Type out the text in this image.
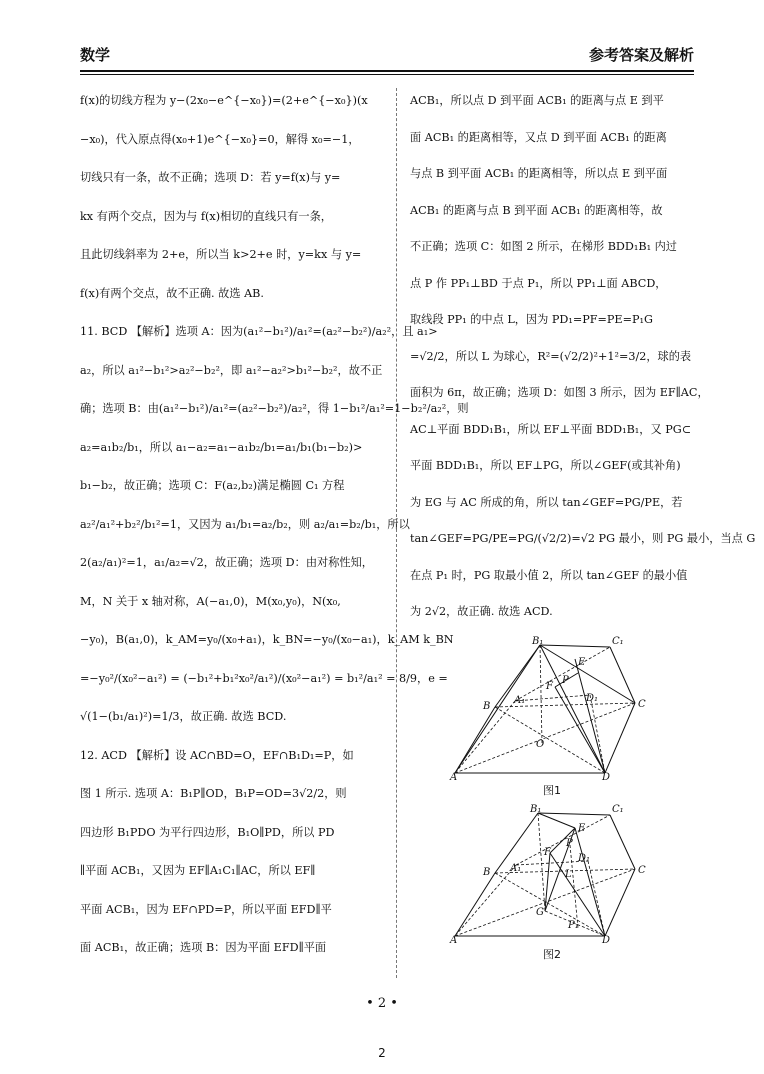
数学	参考答案及解析
f(x)的切线方程为 y−(2x₀−e^{−x₀})=(2+e^{−x₀})(x
−x₀)，代入原点得(x₀+1)e^{−x₀}=0，解得 x₀=−1，
切线只有一条，故不正确；选项 D：若 y=f(x)与 y=
kx 有两个交点，因为与 f(x)相切的直线只有一条，
且此切线斜率为 2+e，所以当 k>2+e 时，y=kx 与 y=
f(x)有两个交点，故不正确. 故选 AB.
11. BCD 【解析】选项 A：因为(a₁²−b₁²)/a₁²=(a₂²−b₂²)/a₂²，且 a₁>
a₂，所以 a₁²−b₁²>a₂²−b₂²，即 a₁²−a₂²>b₁²−b₂²，故不正
确；选项 B：由(a₁²−b₁²)/a₁²=(a₂²−b₂²)/a₂²，得 1−b₁²/a₁²=1−b₂²/a₂²，则
a₂=a₁b₂/b₁，所以 a₁−a₂=a₁−a₁b₂/b₁=a₁/b₁(b₁−b₂)>
b₁−b₂，故正确；选项 C：F(a₂,b₂)满足椭圆 C₁ 方程
a₂²/a₁²+b₂²/b₁²=1，又因为 a₁/b₁=a₂/b₂，则 a₂/a₁=b₂/b₁，所以
2(a₂/a₁)²=1，a₁/a₂=√2，故正确；选项 D：由对称性知，
M，N 关于 x 轴对称，A(−a₁,0)，M(x₀,y₀)，N(x₀,
−y₀)，B(a₁,0)，k_AM=y₀/(x₀+a₁)，k_BN=−y₀/(x₀−a₁)，k_AM k_BN
=−y₀²/(x₀²−a₁²) = (−b₁²+b₁²x₀²/a₁²)/(x₀²−a₁²) = b₁²/a₁² = 8/9，e =
√(1−(b₁/a₁)²)=1/3，故正确. 故选 BCD.
12. ACD 【解析】设 AC∩BD=O，EF∩B₁D₁=P，如
图 1 所示. 选项 A：B₁P∥OD，B₁P=OD=3√2/2，则
四边形 B₁PDO 为平行四边形，B₁O∥PD，所以 PD
∥平面 ACB₁，又因为 EF∥A₁C₁∥AC，所以 EF∥
平面 ACB₁，因为 EF∩PD=P，所以平面 EFD∥平
面 ACB₁，故正确；选项 B：因为平面 EFD∥平面
ACB₁，所以点 D 到平面 ACB₁ 的距离与点 E 到平
面 ACB₁ 的距离相等，又点 D 到平面 ACB₁ 的距离
与点 B 到平面 ACB₁ 的距离相等，所以点 E 到平面
ACB₁ 的距离与点 B 到平面 ACB₁ 的距离相等，故
不正确；选项 C：如图 2 所示，在梯形 BDD₁B₁ 内过
点 P 作 PP₁⊥BD 于点 P₁，所以 PP₁⊥面 ABCD，
取线段 PP₁ 的中点 L，因为 PD₁=PF=PE=P₁G
=√2/2，所以 L 为球心，R²=(√2/2)²+1²=3/2，球的表
面积为 6π，故正确；选项 D：如图 3 所示，因为 EF∥AC，
AC⊥平面 BDD₁B₁，所以 EF⊥平面 BDD₁B₁，又 PG⊂
平面 BDD₁B₁，所以 EF⊥PG，所以∠GEF(或其补角)
为 EG 与 AC 所成的角，所以 tan∠GEF=PG/PE，若
tan∠GEF=PG/PE=PG/(√2/2)=√2 PG 最小，则 PG 最小，当点 G
在点 P₁ 时，PG 取最小值 2，所以 tan∠GEF 的最小值
为 2√2，故正确. 故选 ACD.
B₁	C₁
E
P
F
A₁	D₁
B
O
C
A	D
图1
B₁	C₁
E
P
F
D₁
A₁
L
B	C
G
P₁
A	D
图2
• 2 •
2
